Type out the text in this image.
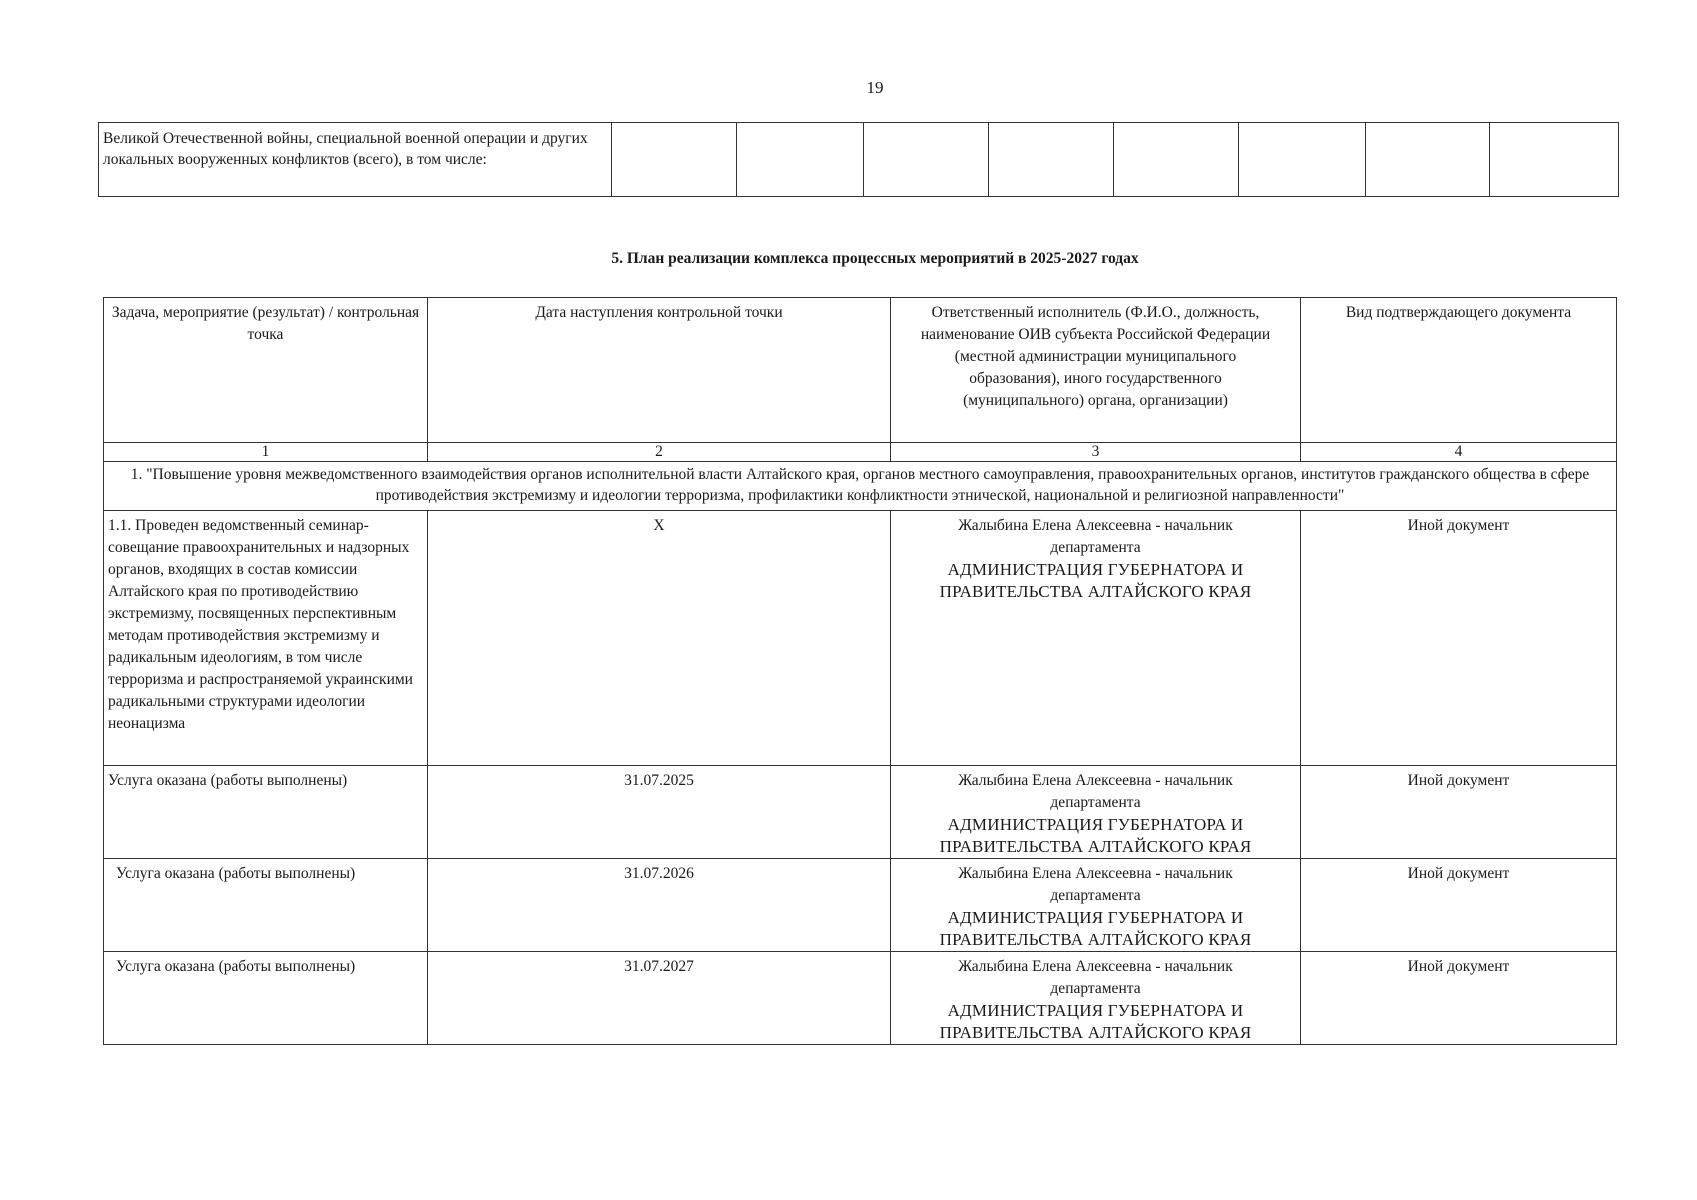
19
Великой Отечественной войны, специальной военной операции и других локальных вооруженных конфликтов (всего), в том числе:								
5. План реализации комплекса процессных мероприятий в 2025-2027 годах
Задача, мероприятие (результат) / контрольная точка	Дата наступления контрольной точки	Ответственный исполнитель (Ф.И.О., должность, наименование ОИВ субъекта Российской Федерации (местной администрации муниципального образования), иного государственного (муниципального) органа, организации)	Вид подтверждающего документа
1	2	3	4
1. "Повышение уровня межведомственного взаимодействия органов исполнительной власти Алтайского края, органов местного самоуправления, правоохранительных органов, институтов гражданского общества в сфере противодействия экстремизму и идеологии терроризма, профилактики конфликтности этнической, национальной и религиозной направленности"			
1.1. Проведен ведомственный семинар-совещание правоохранительных и надзорных органов, входящих в состав комиссии Алтайского края по противодействию экстремизму, посвященных перспективным методам противодействия экстремизму и радикальным идеологиям, в том числе терроризма и распространяемой украинскими радикальными структурами идеологии неонацизма	Х	Жалыбина Елена Алексеевна - начальник департамента
АДМИНИСТРАЦИЯ ГУБЕРНАТОРА И ПРАВИТЕЛЬСТВА АЛТАЙСКОГО КРАЯ	Иной документ
Услуга оказана (работы выполнены)	31.07.2025	Жалыбина Елена Алексеевна - начальник департамента
АДМИНИСТРАЦИЯ ГУБЕРНАТОРА И ПРАВИТЕЛЬСТВА АЛТАЙСКОГО КРАЯ	Иной документ
Услуга оказана (работы выполнены)	31.07.2026	Жалыбина Елена Алексеевна - начальник департамента
АДМИНИСТРАЦИЯ ГУБЕРНАТОРА И ПРАВИТЕЛЬСТВА АЛТАЙСКОГО КРАЯ	Иной документ
Услуга оказана (работы выполнены)	31.07.2027	Жалыбина Елена Алексеевна - начальник департамента
АДМИНИСТРАЦИЯ ГУБЕРНАТОРА И ПРАВИТЕЛЬСТВА АЛТАЙСКОГО КРАЯ	Иной документ
